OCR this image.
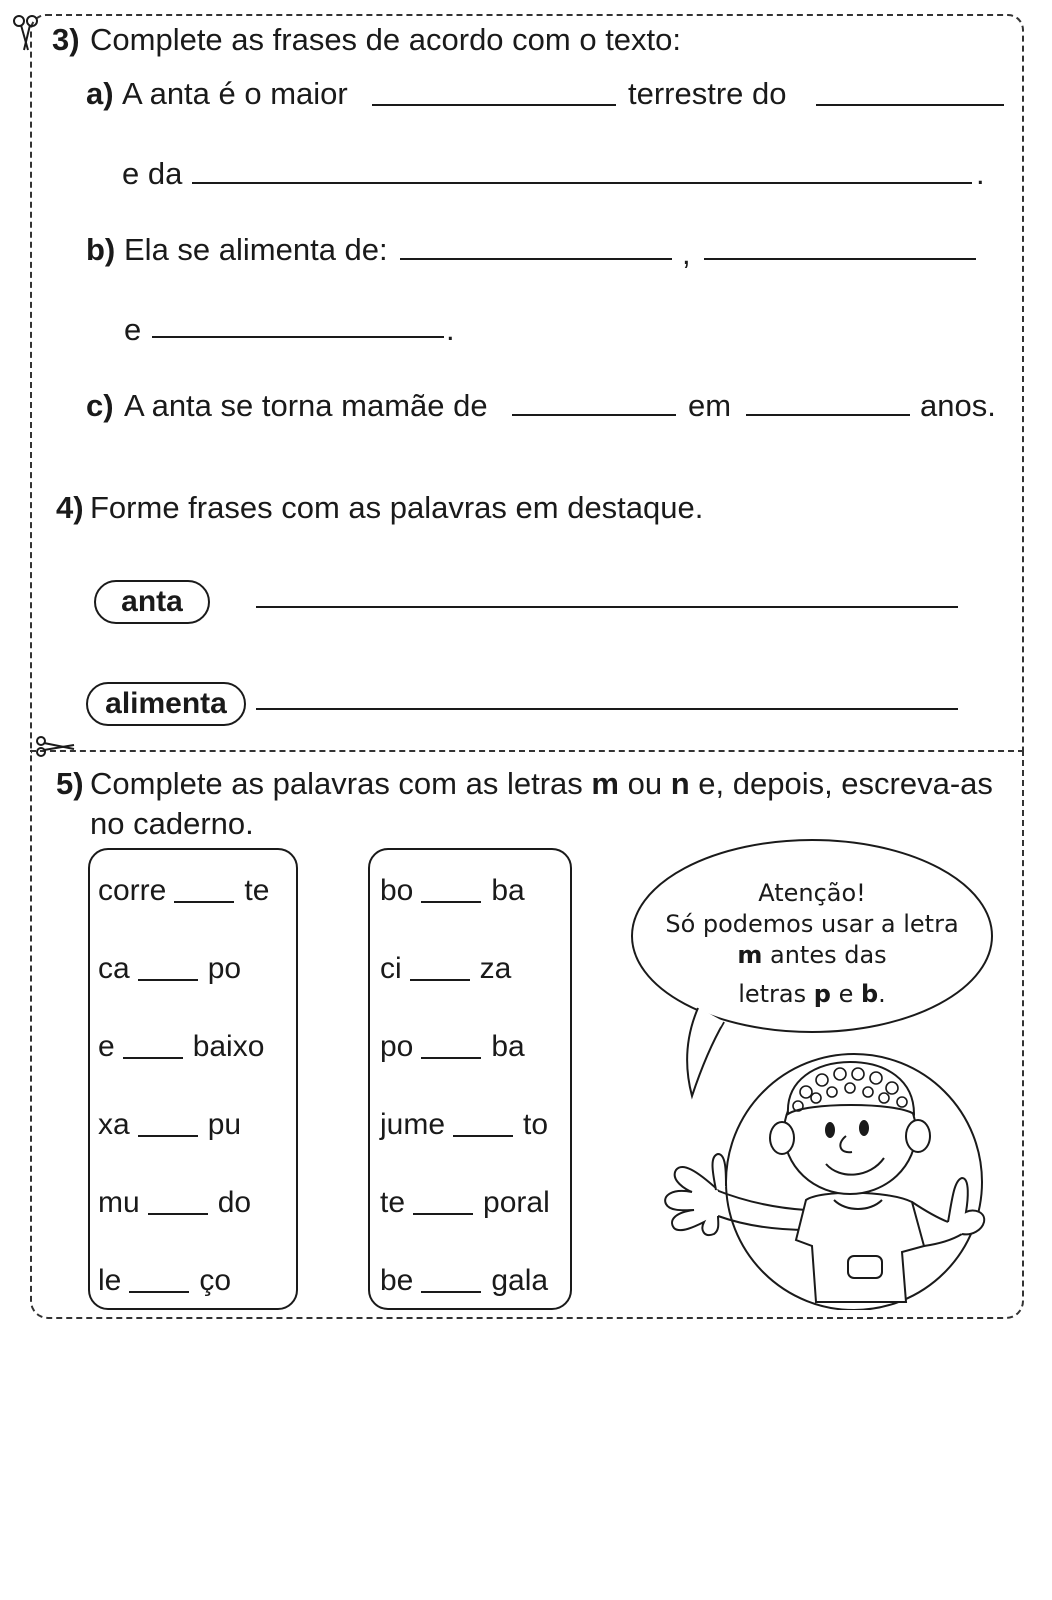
3) Complete as frases de acordo com o texto:
a) A anta é o maior	terrestre do
e da	.
b) Ela se alimenta de:	,
e	.
c) A anta se torna mamãe de	em	anos.
4) Forme frases com as palavras em destaque.
anta
alimenta
5) Complete as palavras com as letras m ou n e, depois, escreva-as
no caderno.
corre	te
ca	po
e	baixo
xa	pu
mu	do
le	ço
bo	ba
ci	za
po	ba
jume	to
te	poral
be	gala
Atenção!
Só podemos usar a letra
m antes das
letras p e b.
